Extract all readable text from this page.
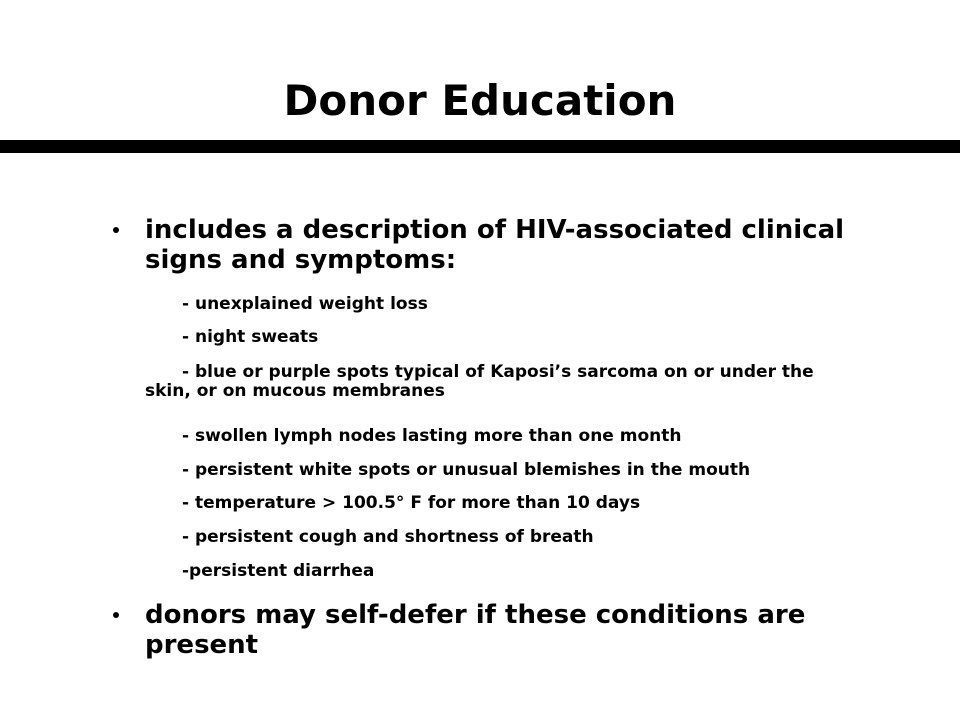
Donor Education

includes a description of HIV-associated clinical signs and symptoms:

- unexplained weight loss

- night sweats

- blue or purple spots typical of Kaposi’s sarcoma on or under the skin, or on mucous membranes

- swollen lymph nodes lasting more than one month

- persistent white spots or unusual blemishes in the mouth

- temperature > 100.5° F for more than 10 days

- persistent cough and shortness of breath

-persistent diarrhea

donors may self-defer if these conditions are present
